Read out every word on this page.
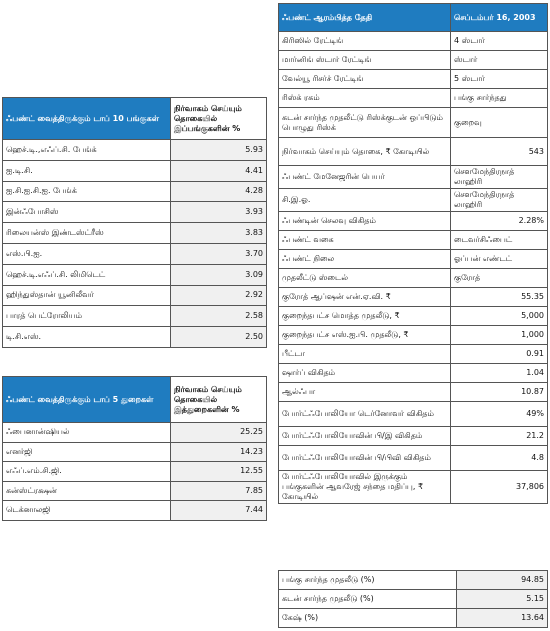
ஃபண்ட் வைத்திருக்கும் டாப் 10 பங்குகள்	நிர்வாகம் செய்யும் தொகையில் இப்பங்குகளின் %
ஹெச்.டி.,எஃப்.சி. பேங்க்	5.93
ஐ.டி.சி.	4.41
ஐ.சி.ஐ.சி.ஐ. பேங்க்	4.28
இன்ஃபோசிஸ்	3.93
ரிலையன்ஸ் இண்டஸ்ட்ரீஸ்	3.83
எஸ்.பி.ஐ.	3.70
ஹெச்.டி.எஃப்.சி. லிமிடெட்	3.09
ஹிந்துஸ்தான் யூனிலீவர்	2.92
பாரத் பெட்ரோலியம்	2.58
டி.சி.எஸ்.	2.50
ஃபண்ட் வைத்திருக்கும் டாப் 5 துறைகள்	நிர்வாகம் செய்யும் தொகையில் இத்துறைகளின் %
ஃபைனான்ஷியல்	25.25
எனர்ஜி	14.23
எஃப்.எம்.சி.ஜி.	12.55
கன்ஸ்ட்ரக்ஷன்	7.85
டெக்னாலஜி	7.44
ஃபண்ட் ஆரம்பித்த தேதி	செப்டம்பர் 16, 2003
கிரிஸில் ரேட்டிங்	4 ஸ்டார்
மார்னிங் ஸ்டார் ரேட்டிங்	ஸ்டார்
வேல்யூ ரிசர்ச் ரேட்டிங்	5 ஸ்டார்
ரிஸ்க் ரகம்	பங்கு சார்ந்தது
கடன் சார்ந்த முதலீட்டு ரிஸ்க்குடன் ஒப்பிடும் பொழுது ரிஸ்க்	குறைவு
நிர்வாகம் செய்யும் தொகை, ₹ கோடியில்	543
ஃபண்ட் மேனேஜரின் பெயர்	சௌமேந்திரநாத் லாஹிரி
சி.இ.ஓ.	சௌமேந்திரநாத் லாஹிரி
ஃபண்டின் செலவு விகிதம்	2.28%
ஃபண்ட் வகை	டைவர்சிஃபைட்
ஃபண்ட் நிலை	ஓப்பன் எண்டட்
முதலீட்டு ஸ்டைல்	குரோத்
குரோத் ஆப்ஷன் என்.ஏ.வி. ₹	55.35
குறைந்தபட்ச மொத்த முதலீடு, ₹	5,000
குறைந்தபட்ச எஸ்.ஐ.பி. முதலீடு, ₹	1,000
பீட்டா	0.91
ஷார்ப் விகிதம்	1.04
ஆல்ஃபா	10.87
போர்ட்ஃபோலியோ டெர்னோவர் விகிதம்	49%
போர்ட்ஃபோலியோவின் பி/இ விகிதம்	21.2
போர்ட்ஃபோலியோவின் பி/பிவி விகிதம்	4.8
போர்ட்ஃபோலியோவில் இருக்கும் பங்குகளின் ஆவரேஜ் சந்தை மதிப்பு, ₹ கோடியில்	37,806
பங்கு சார்ந்த முதலீடு (%)	94.85
கடன் சார்ந்த முதலீடு (%)	5.15
கேஷ் (%)	13.64
